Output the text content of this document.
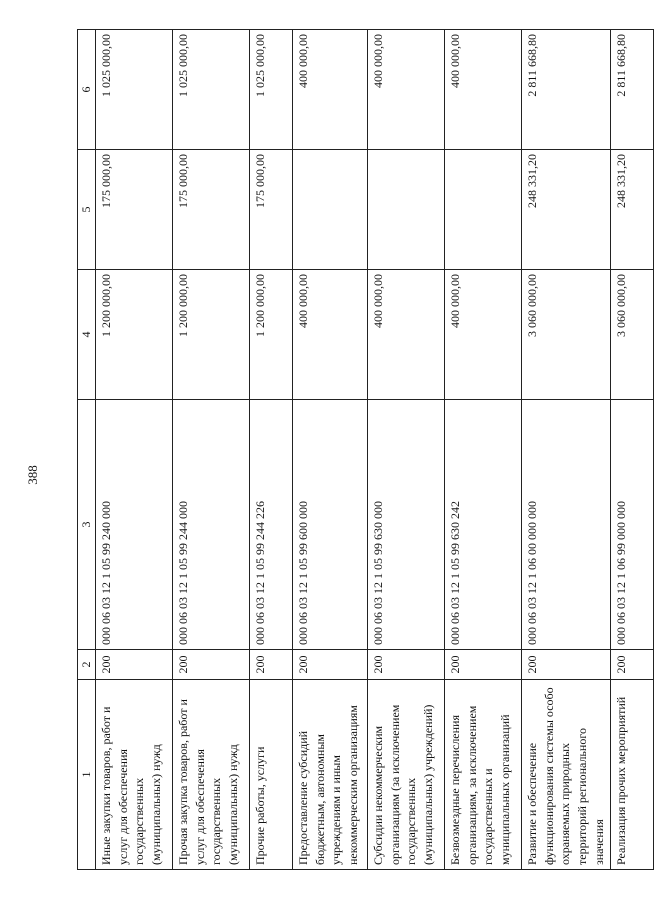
388
1	2	3	4	5	6
Иные закупки товаров, работ и услуг для обеспечения государственных (муниципальных) нужд	200	000 06 03 12 1 05 99 240 000	1 200 000,00	175 000,00	1 025 000,00
Прочая закупка товаров, работ и услуг для обеспечения государственных (муниципальных) нужд	200	000 06 03 12 1 05 99 244 000	1 200 000,00	175 000,00	1 025 000,00
Прочие работы, услуги	200	000 06 03 12 1 05 99 244 226	1 200 000,00	175 000,00	1 025 000,00
Предоставление субсидий бюджетным, автономным учреждениям и иным некоммерческим организациям	200	000 06 03 12 1 05 99 600 000	400 000,00		400 000,00
Субсидии некоммерческим организациям (за исключением государственных (муниципальных) учреждений)	200	000 06 03 12 1 05 99 630 000	400 000,00		400 000,00
Безвозмездные перечисления организациям, за исключением государственных и муниципальных организаций	200	000 06 03 12 1 05 99 630 242	400 000,00		400 000,00
Развитие и обеспечение функционирования системы особо охраняемых природных территорий регионального значения	200	000 06 03 12 1 06 00 000 000	3 060 000,00	248 331,20	2 811 668,80
Реализация прочих мероприятий	200	000 06 03 12 1 06 99 000 000	3 060 000,00	248 331,20	2 811 668,80
